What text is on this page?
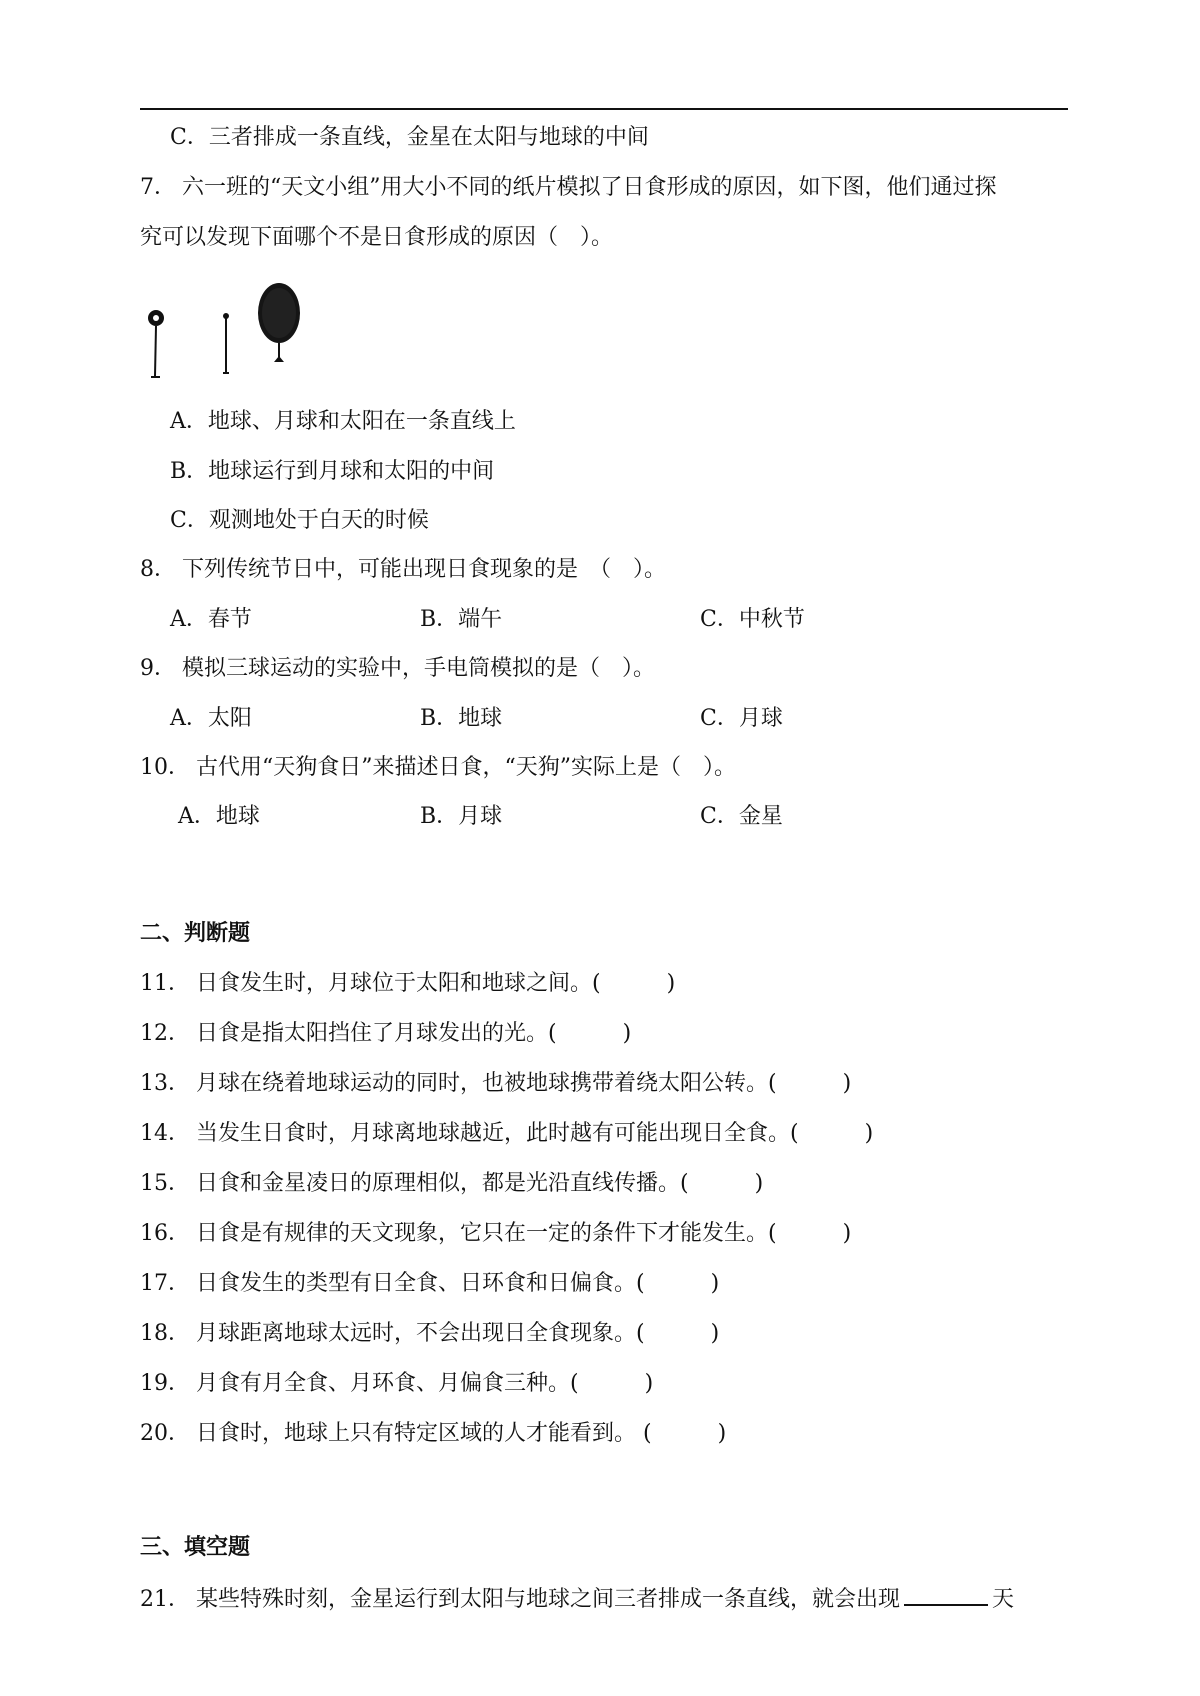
C．三者排成一条直线，金星在太阳与地球的中间
7． 六一班的“天文小组”用大小不同的纸片模拟了日食形成的原因，如下图，他们通过探
究可以发现下面哪个不是日食形成的原因（　）。
A．地球、月球和太阳在一条直线上
B．地球运行到月球和太阳的中间
C．观测地处于白天的时候
8． 下列传统节日中，可能出现日食现象的是　（　）。
A．春节	B．端午	C．中秋节
9． 模拟三球运动的实验中，手电筒模拟的是（　）。
A．太阳	B．地球	C．月球
10． 古代用“天狗食日”来描述日食，“天狗”实际上是（　）。
A．地球	B．月球	C．金星
二、判断题
11． 日食发生时，月球位于太阳和地球之间。(　　　)
12． 日食是指太阳挡住了月球发出的光。(　　　)
13． 月球在绕着地球运动的同时，也被地球携带着绕太阳公转。(　　　)
14． 当发生日食时，月球离地球越近，此时越有可能出现日全食。(　　　)
15． 日食和金星凌日的原理相似，都是光沿直线传播。(　　　)
16． 日食是有规律的天文现象，它只在一定的条件下才能发生。(　　　)
17． 日食发生的类型有日全食、日环食和日偏食。(　　　)
18． 月球距离地球太远时，不会出现日全食现象。(　　　)
19． 月食有月全食、月环食、月偏食三种。(　　　)
20． 日食时，地球上只有特定区域的人才能看到。 (　　　)
三、填空题
21． 某些特殊时刻，金星运行到太阳与地球之间三者排成一条直线，就会出现	天
